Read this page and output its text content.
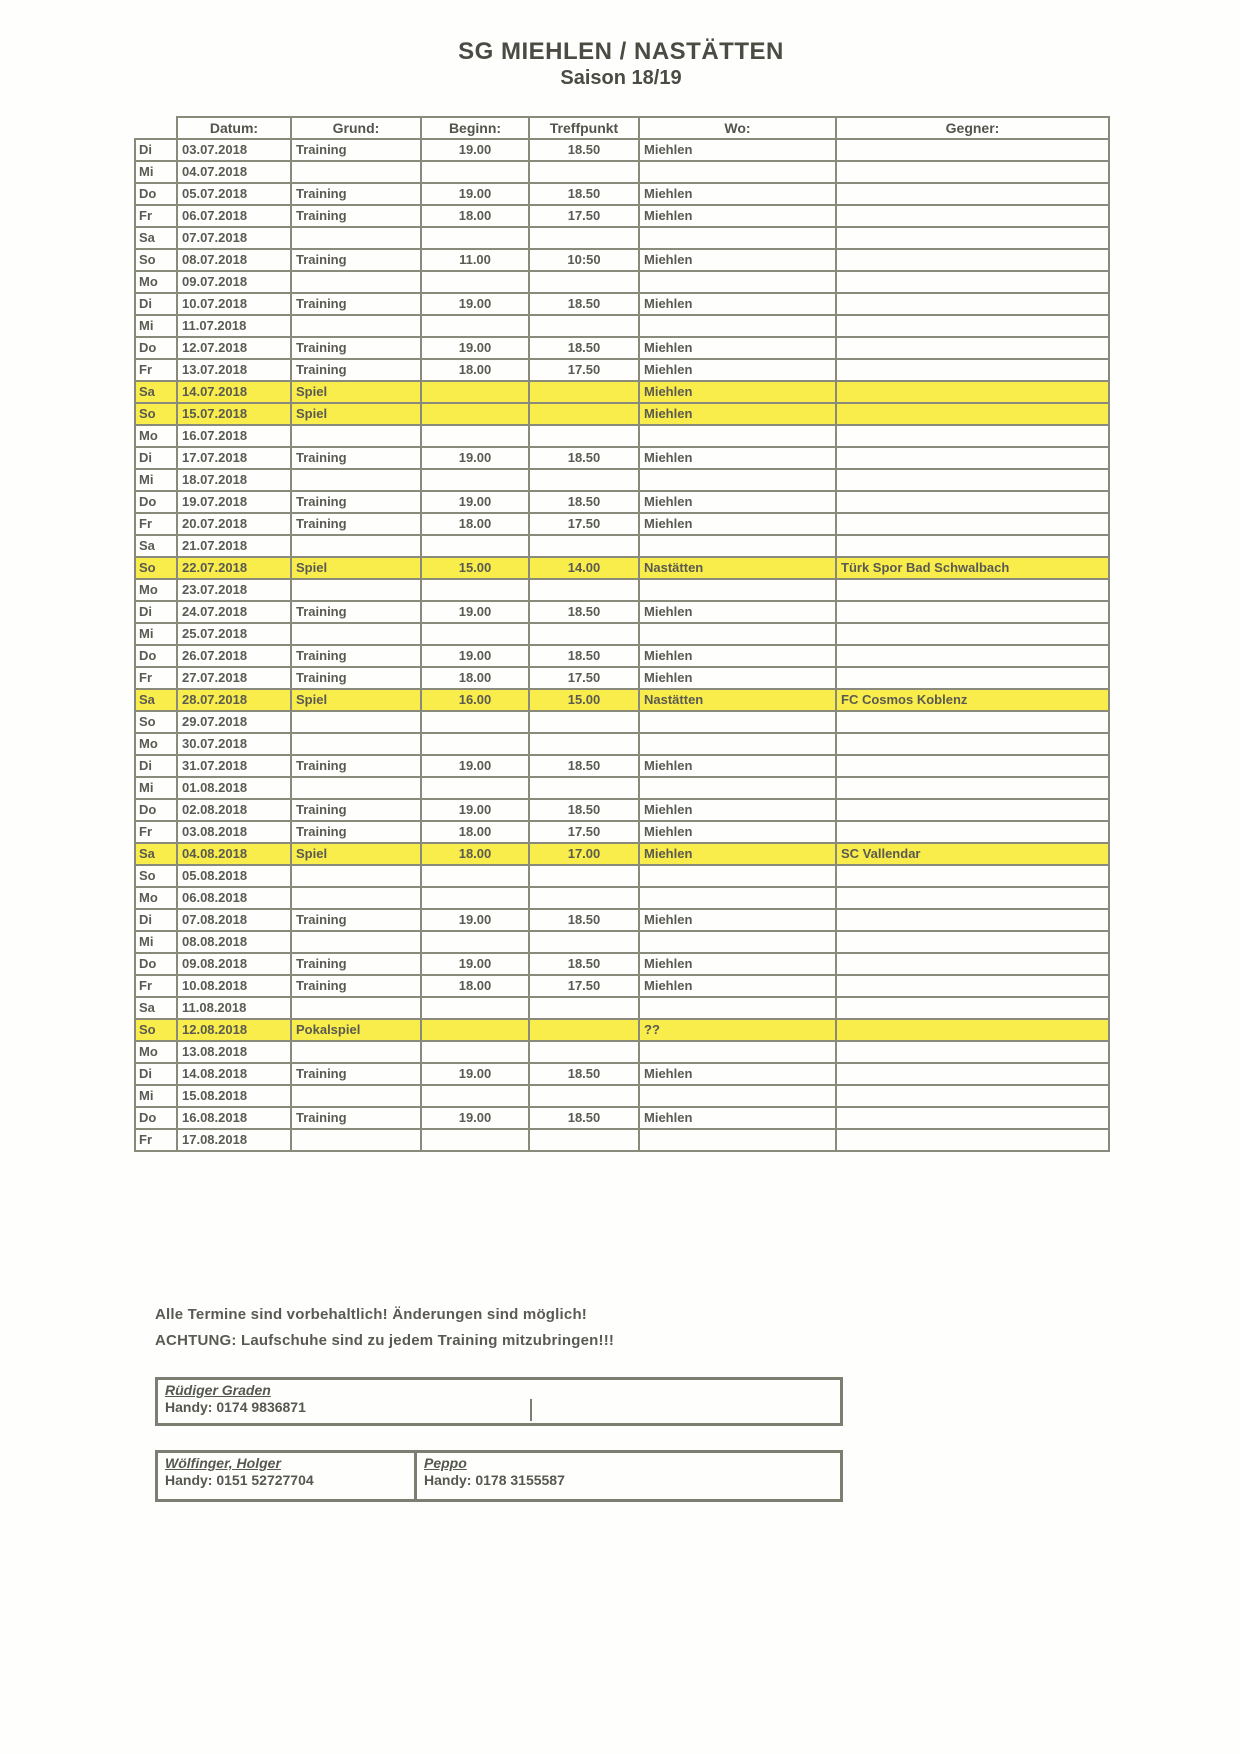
SG MIEHLEN / NASTÄTTEN
Saison 18/19
	Datum:	Grund:	Beginn:	Treffpunkt	Wo:	Gegner:
Di	03.07.2018	Training	19.00	18.50	Miehlen	
Mi	04.07.2018					
Do	05.07.2018	Training	19.00	18.50	Miehlen	
Fr	06.07.2018	Training	18.00	17.50	Miehlen	
Sa	07.07.2018					
So	08.07.2018	Training	11.00	10:50	Miehlen	
Mo	09.07.2018					
Di	10.07.2018	Training	19.00	18.50	Miehlen	
Mi	11.07.2018					
Do	12.07.2018	Training	19.00	18.50	Miehlen	
Fr	13.07.2018	Training	18.00	17.50	Miehlen	
Sa	14.07.2018	Spiel			Miehlen	
So	15.07.2018	Spiel			Miehlen	
Mo	16.07.2018					
Di	17.07.2018	Training	19.00	18.50	Miehlen	
Mi	18.07.2018					
Do	19.07.2018	Training	19.00	18.50	Miehlen	
Fr	20.07.2018	Training	18.00	17.50	Miehlen	
Sa	21.07.2018					
So	22.07.2018	Spiel	15.00	14.00	Nastätten	Türk Spor Bad Schwalbach
Mo	23.07.2018					
Di	24.07.2018	Training	19.00	18.50	Miehlen	
Mi	25.07.2018					
Do	26.07.2018	Training	19.00	18.50	Miehlen	
Fr	27.07.2018	Training	18.00	17.50	Miehlen	
Sa	28.07.2018	Spiel	16.00	15.00	Nastätten	FC Cosmos Koblenz
So	29.07.2018					
Mo	30.07.2018					
Di	31.07.2018	Training	19.00	18.50	Miehlen	
Mi	01.08.2018					
Do	02.08.2018	Training	19.00	18.50	Miehlen	
Fr	03.08.2018	Training	18.00	17.50	Miehlen	
Sa	04.08.2018	Spiel	18.00	17.00	Miehlen	SC Vallendar
So	05.08.2018					
Mo	06.08.2018					
Di	07.08.2018	Training	19.00	18.50	Miehlen	
Mi	08.08.2018					
Do	09.08.2018	Training	19.00	18.50	Miehlen	
Fr	10.08.2018	Training	18.00	17.50	Miehlen	
Sa	11.08.2018					
So	12.08.2018	Pokalspiel			??	
Mo	13.08.2018					
Di	14.08.2018	Training	19.00	18.50	Miehlen	
Mi	15.08.2018					
Do	16.08.2018	Training	19.00	18.50	Miehlen	
Fr	17.08.2018					
Alle Termine sind vorbehaltlich! Änderungen sind möglich!
ACHTUNG: Laufschuhe sind zu jedem Training mitzubringen!!!
Rüdiger Graden
Handy: 0174 9836871
Wölfinger, Holger
Handy: 0151 52727704
Peppo
Handy: 0178 3155587
